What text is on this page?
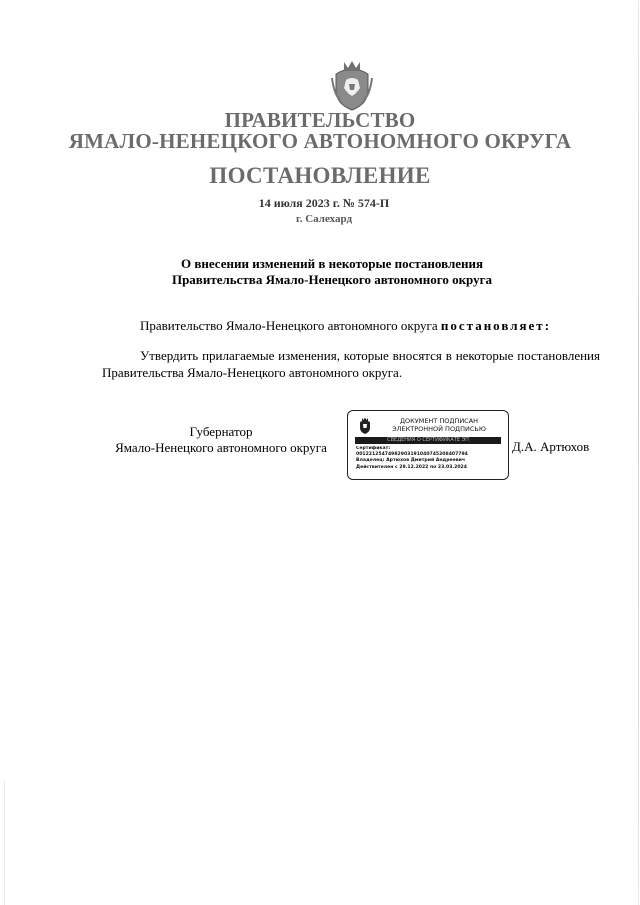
ПРАВИТЕЛЬСТВО
ЯМАЛО-НЕНЕЦКОГО АВТОНОМНОГО ОКРУГА
ПОСТАНОВЛЕНИЕ
14 июля 2023 г. № 574-П
г. Салехард
О внесении изменений в некоторые постановления
Правительства Ямало-Ненецкого автономного округа
Правительство Ямало-Ненецкого автономного округа постановляет:
Утвердить прилагаемые изменения, которые вносятся в некоторые постановления Правительства Ямало-Ненецкого автономного округа.
Губернатор
Ямало-Ненецкого автономного округа
ДОКУМЕНТ ПОДПИСАН
ЭЛЕКТРОННОЙ ПОДПИСЬЮ
СВЕДЕНИЯ О СЕРТИФИКАТЕ ЭП
Сертификат:
00122125474982903191040745208407794
Владелец: Артюхов Дмитрий Андреевич
Действителен с 29.12.2022 по 23.03.2024
Д.А. Артюхов
